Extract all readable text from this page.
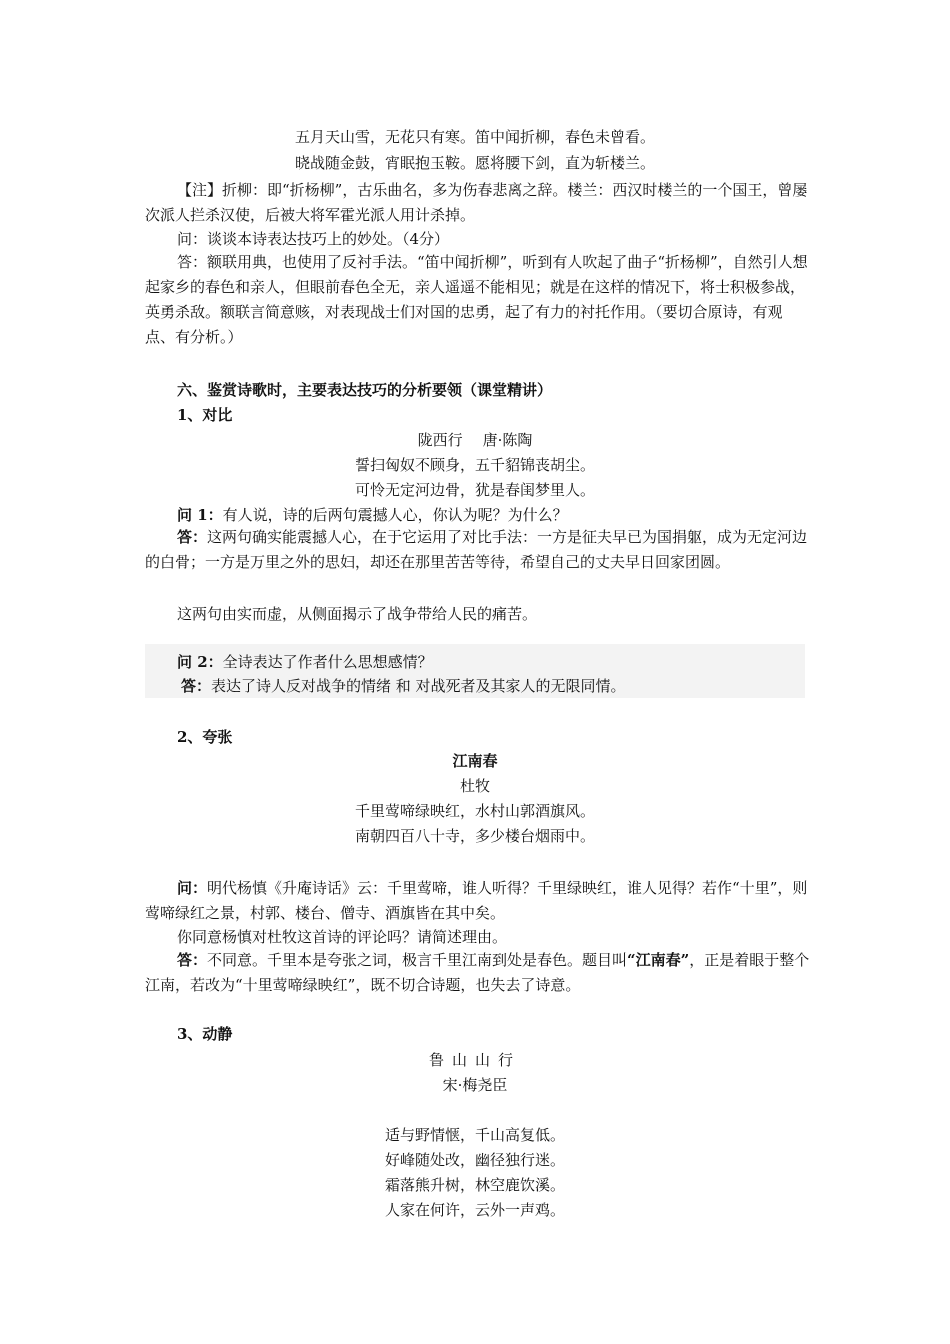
五月天山雪，无花只有寒。笛中闻折柳，春色未曾看。
晓战随金鼓，宵眠抱玉鞍。愿将腰下剑，直为斩楼兰。
【注】折柳：即“折杨柳”，古乐曲名，多为伤春悲离之辞。楼兰：西汉时楼兰的一个国王，曾屡次派人拦杀汉使，后被大将军霍光派人用计杀掉。
问：谈谈本诗表达技巧上的妙处。（4分）
答：额联用典，也使用了反衬手法。“笛中闻折柳”，听到有人吹起了曲子“折杨柳”，自然引人想起家乡的春色和亲人，但眼前春色全无，亲人遥遥不能相见；就是在这样的情况下，将士积极参战，英勇杀敌。额联言简意赅，对表现战士们对国的忠勇，起了有力的衬托作用。（要切合原诗，有观点、有分析。）
六、鉴赏诗歌时，主要表达技巧的分析要领（课堂精讲）
1、对比
陇西行 唐·陈陶
誓扫匈奴不顾身，五千貂锦丧胡尘。
可怜无定河边骨，犹是春闺梦里人。
问 1：有人说，诗的后两句震撼人心，你认为呢？为什么？
答：这两句确实能震撼人心，在于它运用了对比手法：一方是征夫早已为国捐躯，成为无定河边的白骨；一方是万里之外的思妇，却还在那里苦苦等待，希望自己的丈夫早日回家团圆。
这两句由实而虚，从侧面揭示了战争带给人民的痛苦。
问 2：全诗表达了作者什么思想感情？
答：表达了诗人反对战争的情绪 和 对战死者及其家人的无限同情。
2、夸张
江南春
杜牧
千里莺啼绿映红，水村山郭酒旗风。
南朝四百八十寺，多少楼台烟雨中。
问：明代杨慎《升庵诗话》云：千里莺啼，谁人听得？千里绿映红，谁人见得？若作“十里”，则莺啼绿红之景，村郭、楼台、僧寺、酒旗皆在其中矣。
你同意杨慎对杜牧这首诗的评论吗？请简述理由。
答：不同意。千里本是夸张之词，极言千里江南到处是春色。题目叫“江南春”，正是着眼于整个江南，若改为“十里莺啼绿映红”，既不切合诗题，也失去了诗意。
3、动静
鲁山山行
宋·梅尧臣
适与野情惬，千山高复低。
好峰随处改，幽径独行迷。
霜落熊升树，林空鹿饮溪。
人家在何许，云外一声鸡。
